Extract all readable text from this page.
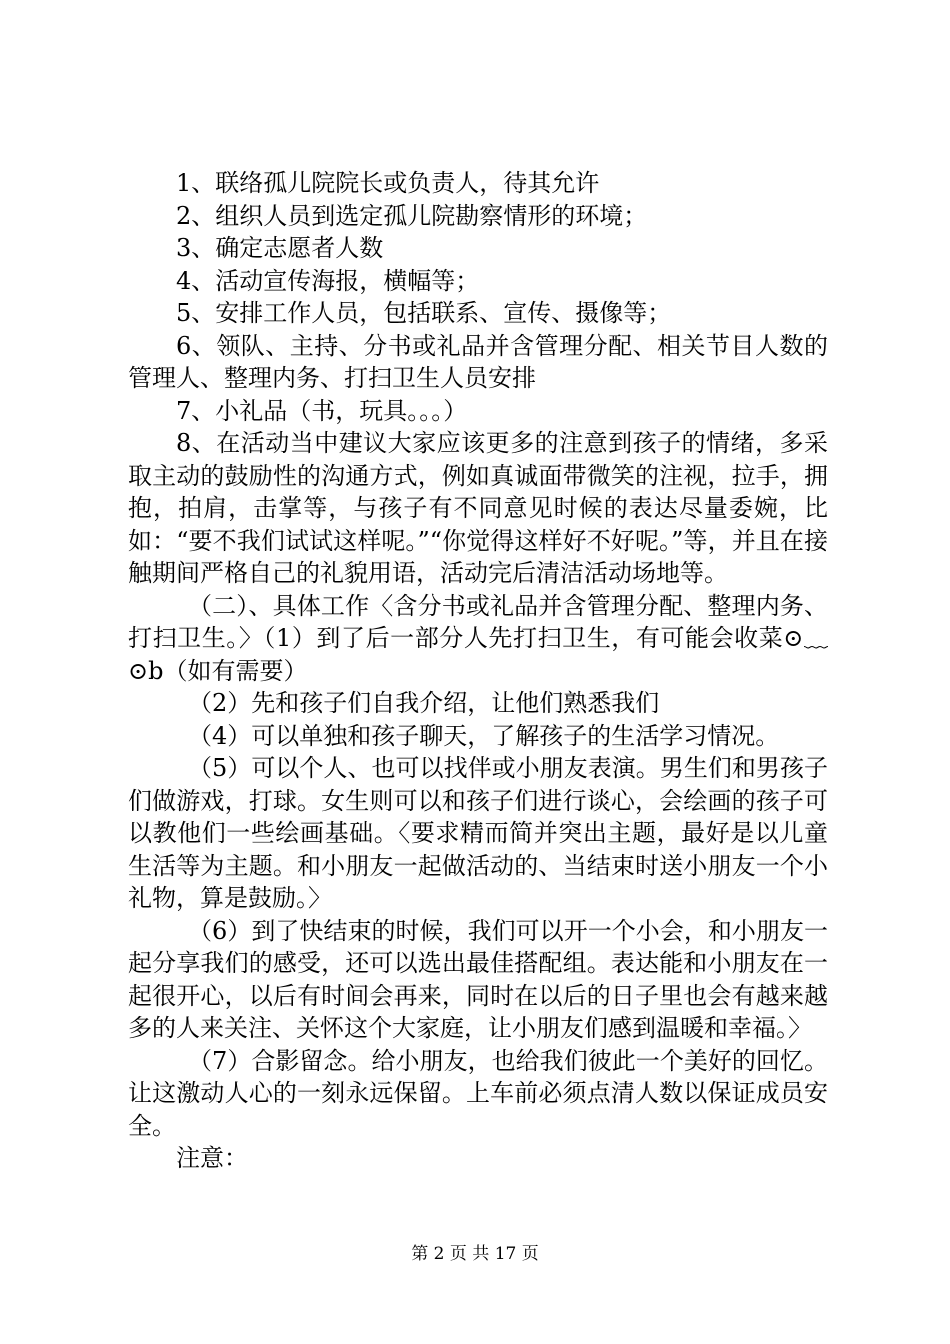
1、联络孤儿院院长或负责人，待其允许

2、组织人员到选定孤儿院勘察情形的环境；

3、确定志愿者人数

4、活动宣传海报，横幅等；

5、安排工作人员，包括联系、宣传、摄像等；

6、领队、主持、分书或礼品并含管理分配、相关节目人数的管理人、整理内务、打扫卫生人员安排

7、小礼品（书，玩具。。。）

8、在活动当中建议大家应该更多的注意到孩子的情绪，多采取主动的鼓励性的沟通方式，例如真诚面带微笑的注视，拉手，拥抱，拍肩，击掌等，与孩子有不同意见时候的表达尽量委婉，比如：“要不我们试试这样呢。”“你觉得这样好不好呢。”等，并且在接触期间严格自己的礼貌用语，活动完后清洁活动场地等。

（二）、具体工作〈含分书或礼品并含管理分配、整理内务、打扫卫生。〉（1）到了后一部分人先打扫卫生，有可能会收菜⊙﹏⊙b（如有需要）

（2）先和孩子们自我介绍，让他们熟悉我们

（4）可以单独和孩子聊天，了解孩子的生活学习情况。

（5）可以个人、也可以找伴或小朋友表演。男生们和男孩子们做游戏，打球。女生则可以和孩子们进行谈心，会绘画的孩子可以教他们一些绘画基础。〈要求精而简并突出主题，最好是以儿童生活等为主题。和小朋友一起做活动的、当结束时送小朋友一个小礼物，算是鼓励。〉

（6）到了快结束的时候，我们可以开一个小会，和小朋友一起分享我们的感受，还可以选出最佳搭配组。表达能和小朋友在一起很开心，以后有时间会再来，同时在以后的日子里也会有越来越多的人来关注、关怀这个大家庭，让小朋友们感到温暖和幸福。〉

（7）合影留念。给小朋友，也给我们彼此一个美好的回忆。让这激动人心的一刻永远保留。上车前必须点清人数以保证成员安全。

注意：

第 2 页 共 17 页
